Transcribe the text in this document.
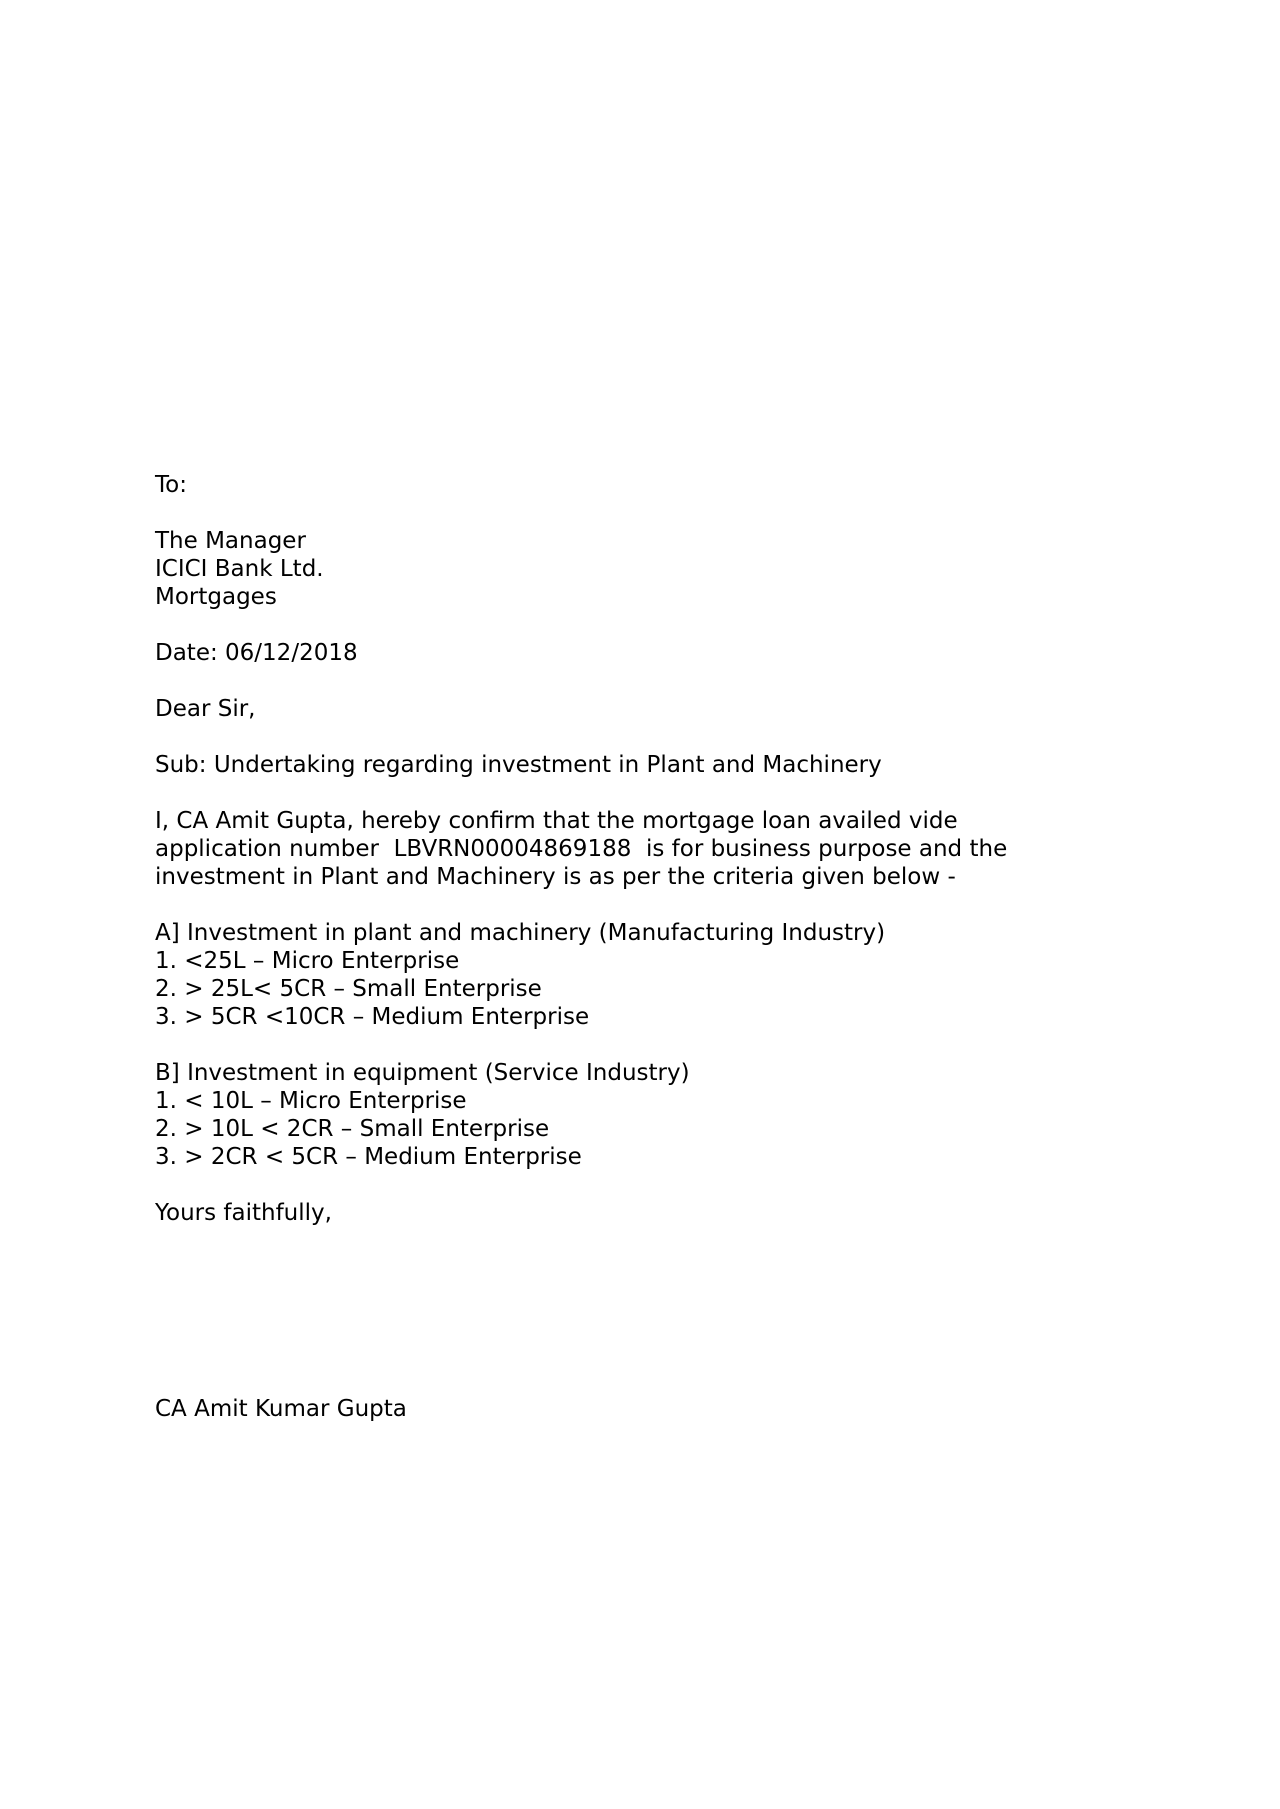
To:
The Manager
ICICI Bank Ltd.
Mortgages
Date: 06/12/2018
Dear Sir,
Sub: Undertaking regarding investment in Plant and Machinery
I, CA Amit Gupta, hereby confirm that the mortgage loan availed vide
application number  LBVRN00004869188  is for business purpose and the
investment in Plant and Machinery is as per the criteria given below -
A] Investment in plant and machinery (Manufacturing Industry)
1. <25L – Micro Enterprise
2. > 25L< 5CR – Small Enterprise
3. > 5CR <10CR – Medium Enterprise
B] Investment in equipment (Service Industry)
1. < 10L – Micro Enterprise
2. > 10L < 2CR – Small Enterprise
3. > 2CR < 5CR – Medium Enterprise
Yours faithfully,
CA Amit Kumar Gupta
